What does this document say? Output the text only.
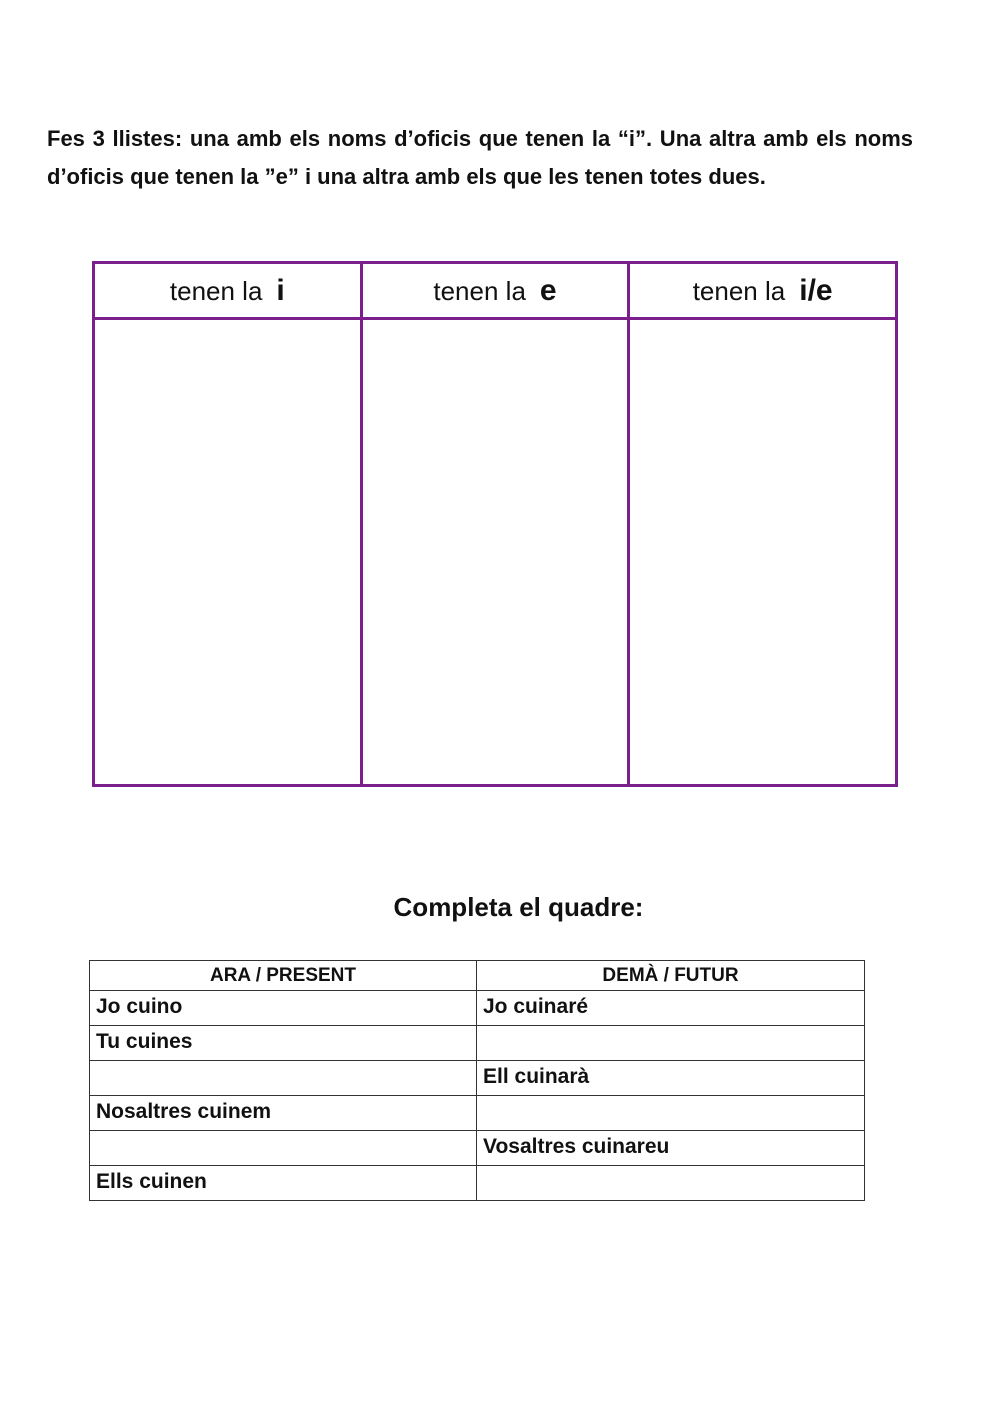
Fes 3 llistes: una amb els noms d’oficis que tenen la “i”. Una altra amb els noms d’oficis que tenen la ”e” i una altra amb els que les tenen totes dues.

tenen la i	tenen la e	tenen la i/e

Completa el quadre:
ARA / PRESENT	DEMÀ / FUTUR
Jo cuino	Jo cuinaré
Tu cuines	
	Ell cuinarà
Nosaltres cuinem	
	Vosaltres cuinareu
Ells cuinen	
